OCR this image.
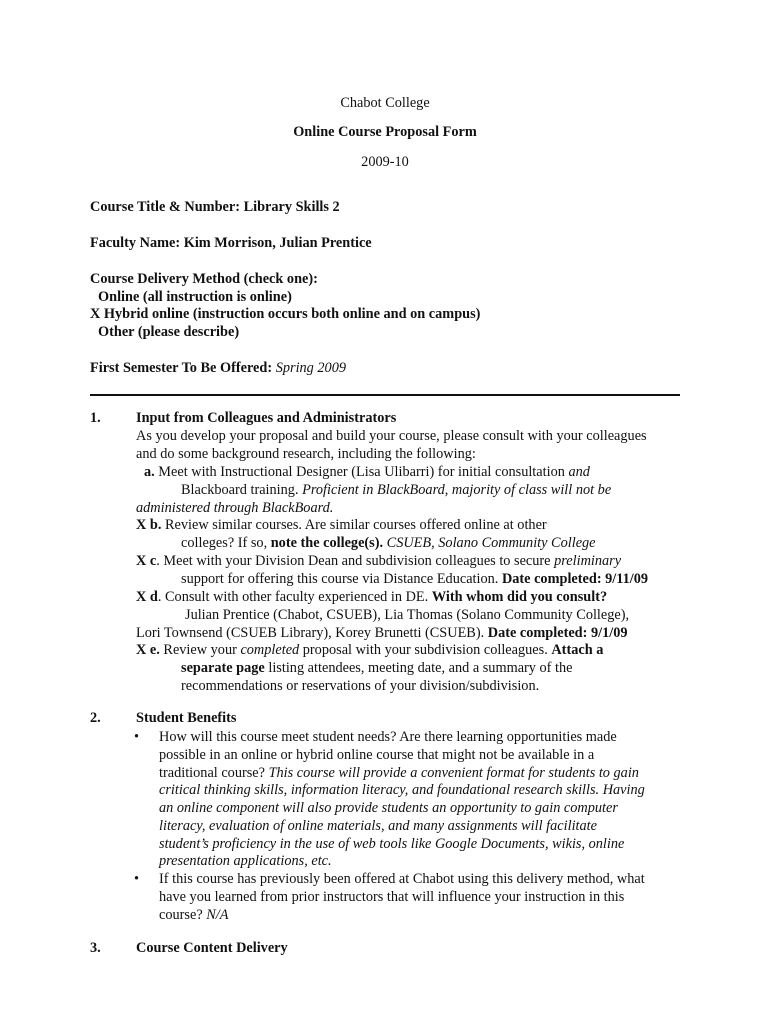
Chabot College
Online Course Proposal Form
2009-10
Course Title & Number: Library Skills 2
Faculty Name: Kim Morrison, Julian Prentice
Course Delivery Method (check one):
Online (all instruction is online)
X Hybrid online (instruction occurs both online and on campus)
Other (please describe)
First Semester To Be Offered: Spring 2009
1. Input from Colleagues and Administrators
As you develop your proposal and build your course, please consult with your colleagues
and do some background research, including the following:
a. Meet with Instructional Designer (Lisa Ulibarri) for initial consultation and
Blackboard training. Proficient in BlackBoard, majority of class will not be
administered through BlackBoard.
X b. Review similar courses. Are similar courses offered online at other
colleges? If so, note the college(s). CSUEB, Solano Community College
X c. Meet with your Division Dean and subdivision colleagues to secure preliminary
support for offering this course via Distance Education. Date completed: 9/11/09
X d. Consult with other faculty experienced in DE. With whom did you consult?
Julian Prentice (Chabot, CSUEB), Lia Thomas (Solano Community College),
Lori Townsend (CSUEB Library), Korey Brunetti (CSUEB). Date completed: 9/1/09
X e. Review your completed proposal with your subdivision colleagues. Attach a
separate page listing attendees, meeting date, and a summary of the
recommendations or reservations of your division/subdivision.
2. Student Benefits
• How will this course meet student needs? Are there learning opportunities made
possible in an online or hybrid online course that might not be available in a
traditional course? This course will provide a convenient format for students to gain
critical thinking skills, information literacy, and foundational research skills. Having
an online component will also provide students an opportunity to gain computer
literacy, evaluation of online materials, and many assignments will facilitate
student’s proficiency in the use of web tools like Google Documents, wikis, online
presentation applications, etc.
• If this course has previously been offered at Chabot using this delivery method, what
have you learned from prior instructors that will influence your instruction in this
course? N/A
3. Course Content Delivery
